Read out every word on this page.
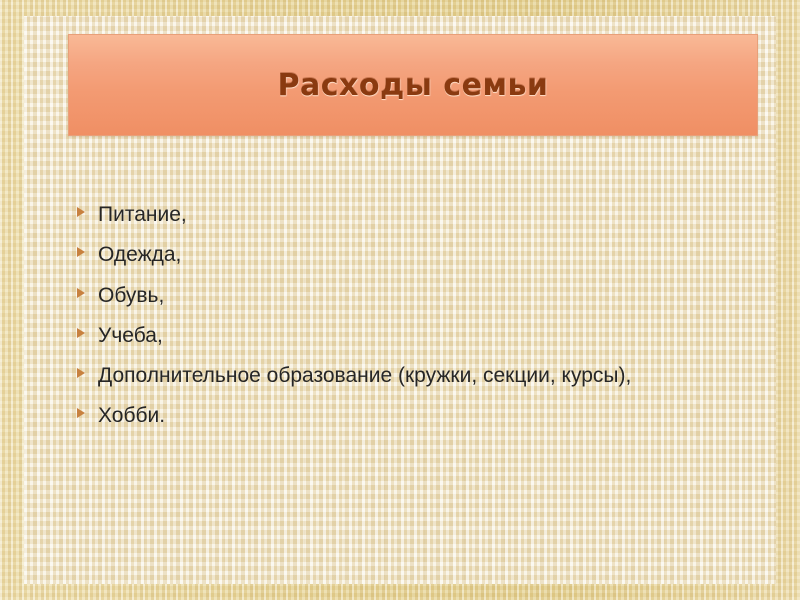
Расходы семьи
Питание,
Одежда,
Обувь,
Учеба,
Дополнительное образование (кружки, секции, курсы),
Хобби.
